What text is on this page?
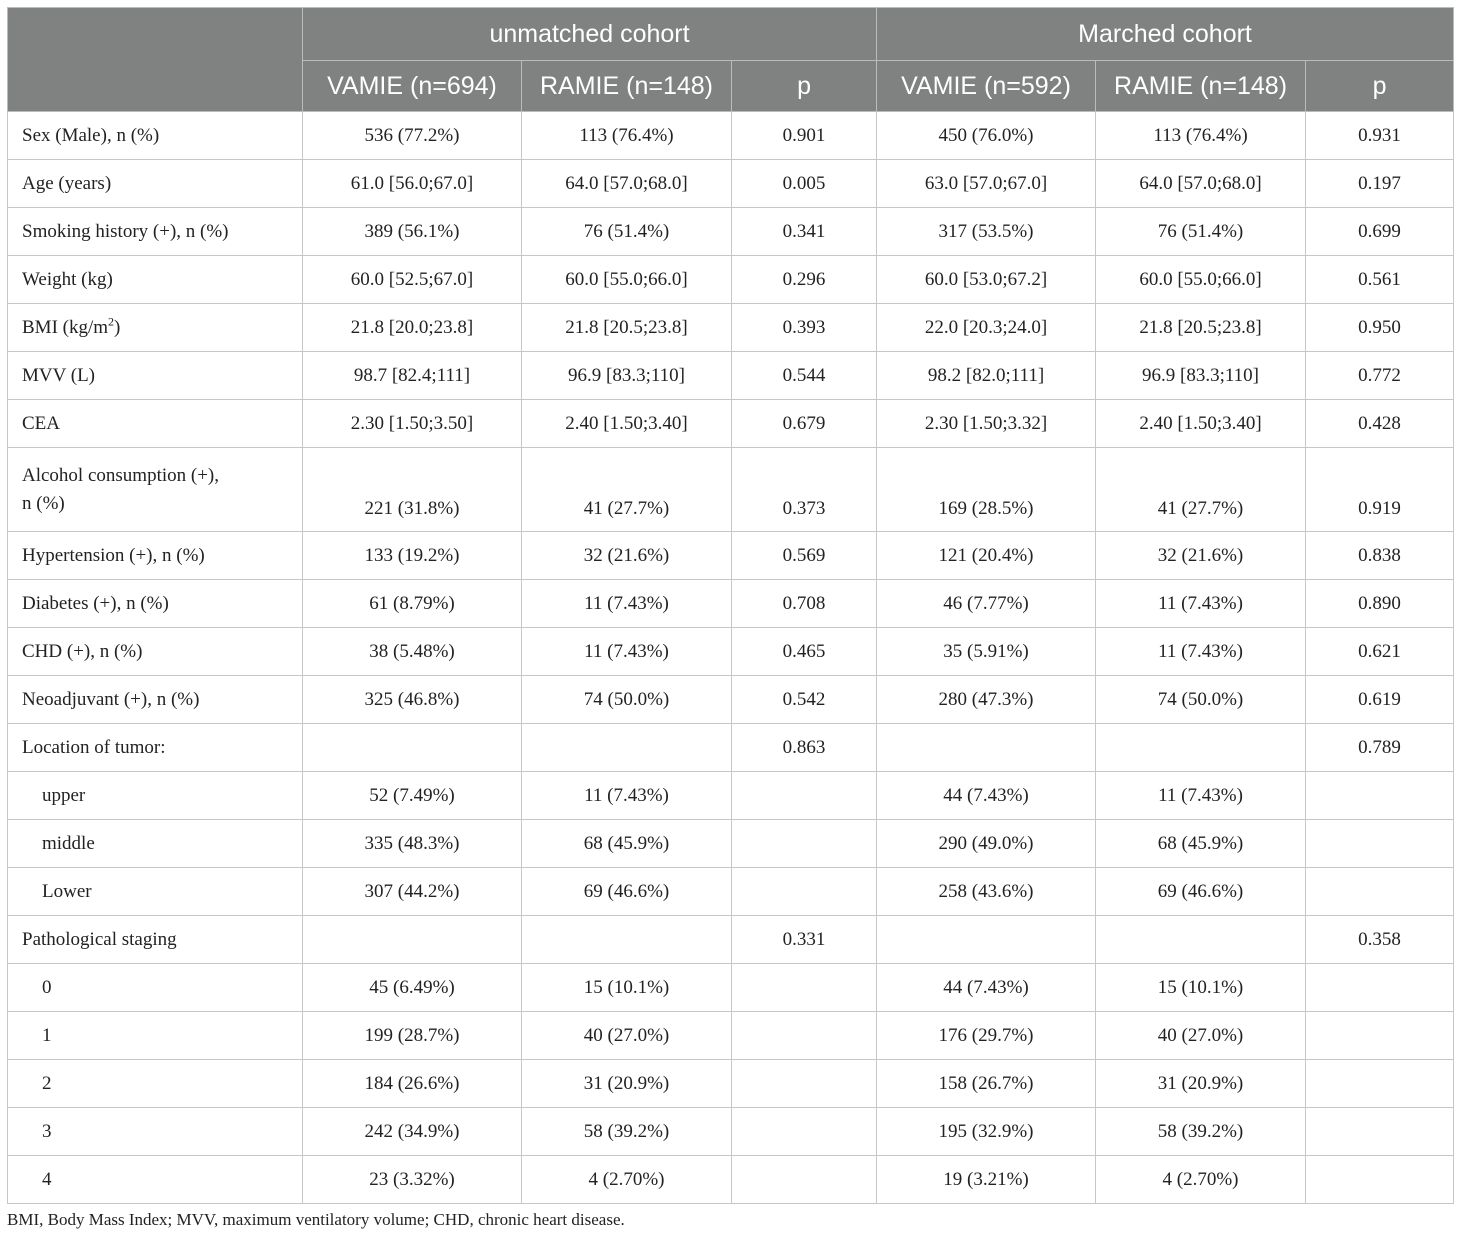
	unmatched cohort			Marched cohort		
	VAMIE (n=694)	RAMIE (n=148)	p	VAMIE (n=592)	RAMIE (n=148)	p
Sex (Male), n (%)	536 (77.2%)	113 (76.4%)	0.901	450 (76.0%)	113 (76.4%)	0.931
Age (years)	61.0 [56.0;67.0]	64.0 [57.0;68.0]	0.005	63.0 [57.0;67.0]	64.0 [57.0;68.0]	0.197
Smoking history (+), n (%)	389 (56.1%)	76 (51.4%)	0.341	317 (53.5%)	76 (51.4%)	0.699
Weight (kg)	60.0 [52.5;67.0]	60.0 [55.0;66.0]	0.296	60.0 [53.0;67.2]	60.0 [55.0;66.0]	0.561
BMI $(kg/m^2)$	21.8 [20.0;23.8]	21.8 [20.5;23.8]	0.393	22.0 [20.3;24.0]	21.8 [20.5;23.8]	0.950
MVV (L)	98.7 [82.4;111]	96.9 [83.3;110]	0.544	98.2 [82.0;111]	96.9 [83.3;110]	0.772
CEA	2.30 [1.50;3.50]	2.40 [1.50;3.40]	0.679	2.30 [1.50;3.32]	2.40 [1.50;3.40]	0.428
Alcohol consumption (+),
n (%)	221 (31.8%)	41 (27.7%)	0.373	169 (28.5%)	41 (27.7%)	0.919
Hypertension (+), n (%)	133 (19.2%)	32 (21.6%)	0.569	121 (20.4%)	32 (21.6%)	0.838
Diabetes (+), n (%)	61 (8.79%)	11 (7.43%)	0.708	46 (7.77%)	11 (7.43%)	0.890
CHD (+), n (%)	38 (5.48%)	11 (7.43%)	0.465	35 (5.91%)	11 (7.43%)	0.621
Neoadjuvant (+), n (%)	325 (46.8%)	74 (50.0%)	0.542	280 (47.3%)	74 (50.0%)	0.619
Location of tumor:			0.863			0.789
upper	52 (7.49%)	11 (7.43%)		44 (7.43%)	11 (7.43%)	
middle	335 (48.3%)	68 (45.9%)		290 (49.0%)	68 (45.9%)	
Lower	307 (44.2%)	69 (46.6%)		258 (43.6%)	69 (46.6%)	
Pathological staging			0.331			0.358
0	45 (6.49%)	15 (10.1%)		44 (7.43%)	15 (10.1%)	
1	199 (28.7%)	40 (27.0%)		176 (29.7%)	40 (27.0%)	
2	184 (26.6%)	31 (20.9%)		158 (26.7%)	31 (20.9%)	
3	242 (34.9%)	58 (39.2%)		195 (32.9%)	58 (39.2%)	
4	23 (3.32%)	4 (2.70%)		19 (3.21%)	4 (2.70%)	
BMI, Body Mass Index; MVV, maximum ventilatory volume; CHD, chronic heart disease.
